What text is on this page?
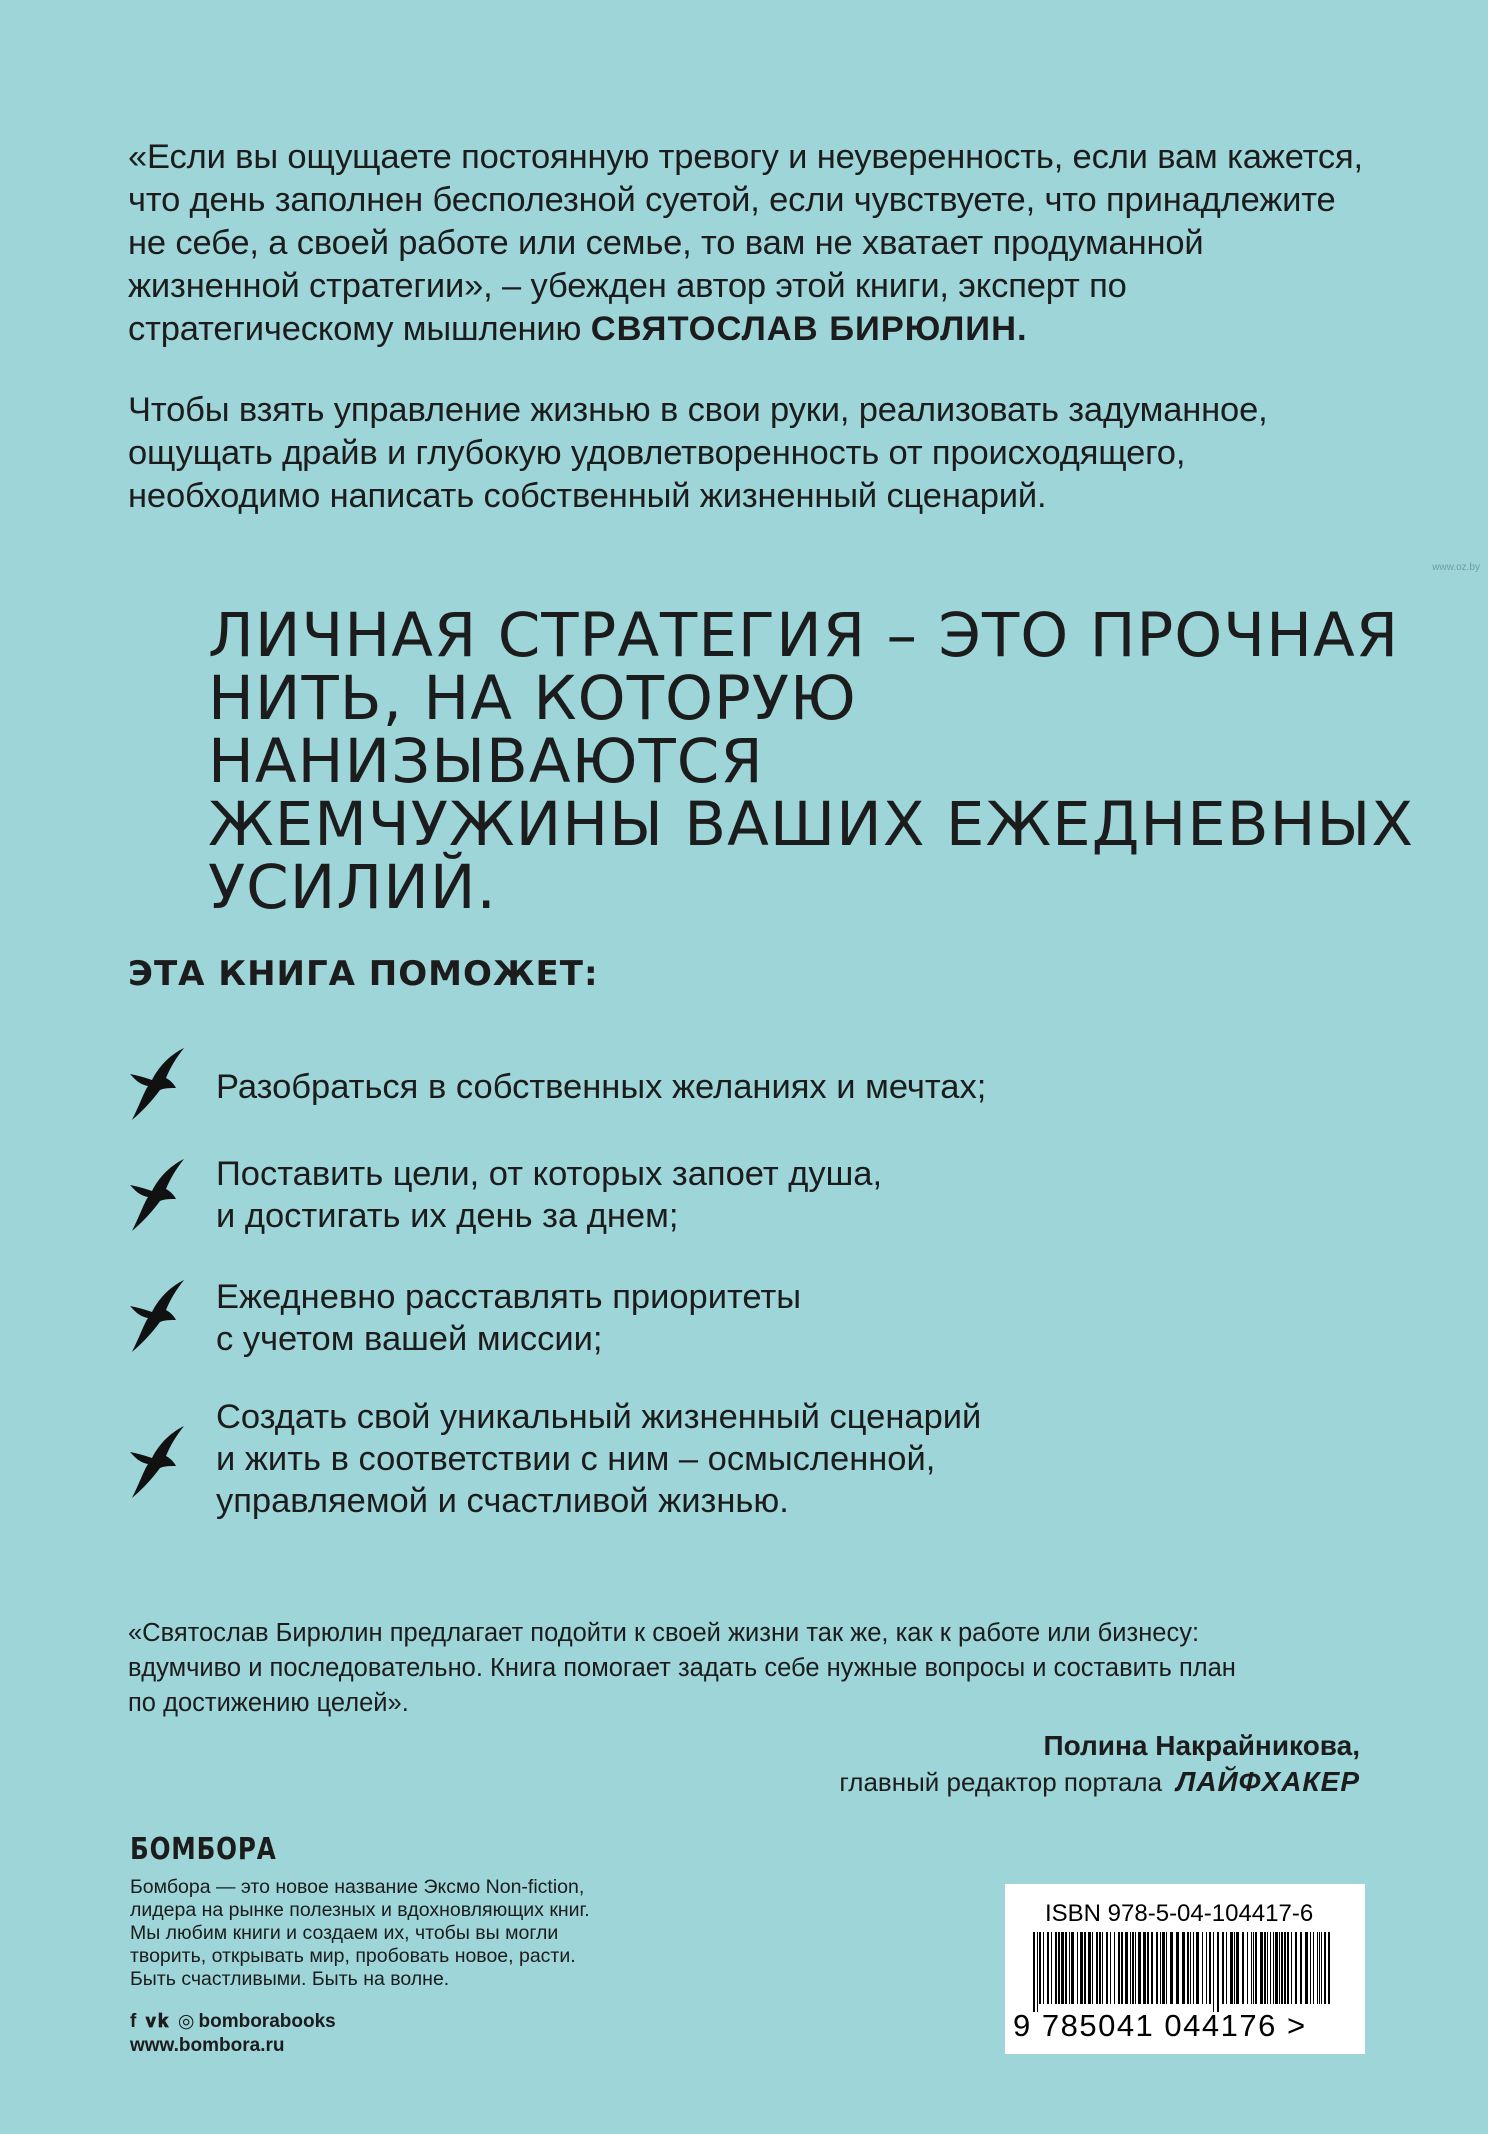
«Если вы ощущаете постоянную тревогу и неуверенность, если вам кажется, что день заполнен бесполезной суетой, если чувствуете, что принадлежите не себе, а своей работе или семье, то вам не хватает продуманной жизненной стратегии», – убежден автор этой книги, эксперт по стратегическому мышлению СВЯТОСЛАВ БИРЮЛИН.

Чтобы взять управление жизнью в свои руки, реализовать задуманное, ощущать драйв и глубокую удовлетворенность от происходящего, необходимо написать собственный жизненный сценарий.

ЛИЧНАЯ СТРАТЕГИЯ – ЭТО ПРОЧНАЯ
НИТЬ, НА КОТОРУЮ НАНИЗЫВАЮТСЯ
ЖЕМЧУЖИНЫ ВАШИХ ЕЖЕДНЕВНЫХ
УСИЛИЙ.
ЭТА КНИГА ПОМОЖЕТ:
Разобраться в собственных желаниях и мечтах;
Поставить цели, от которых запоет душа,
и достигать их день за днем;
Ежедневно расставлять приоритеты
с учетом вашей миссии;
Создать свой уникальный жизненный сценарий
и жить в соответствии с ним – осмысленной,
управляемой и счастливой жизнью.
«Святослав Бирюлин предлагает подойти к своей жизни так же, как к работе или бизнесу:
вдумчиво и последовательно. Книга помогает задать себе нужные вопросы и составить план
по достижению целей».
Полина Накрайникова,
главный редактор портала ЛАЙФХАКЕР
БОМБОРА
Бомбора — это новое название Эксмо Non-fiction,
лидера на рынке полезных и вдохновляющих книг.
Мы любим книги и создаем их, чтобы вы могли
творить, открывать мир, пробовать новое, расти.
Быть счастливыми. Быть на волне.
f 𝐯𝐤 ◎ bomborabooks
www.bombora.ru
ISBN 978-5-04-104417-6
9 785041 044176 >
www.oz.by
